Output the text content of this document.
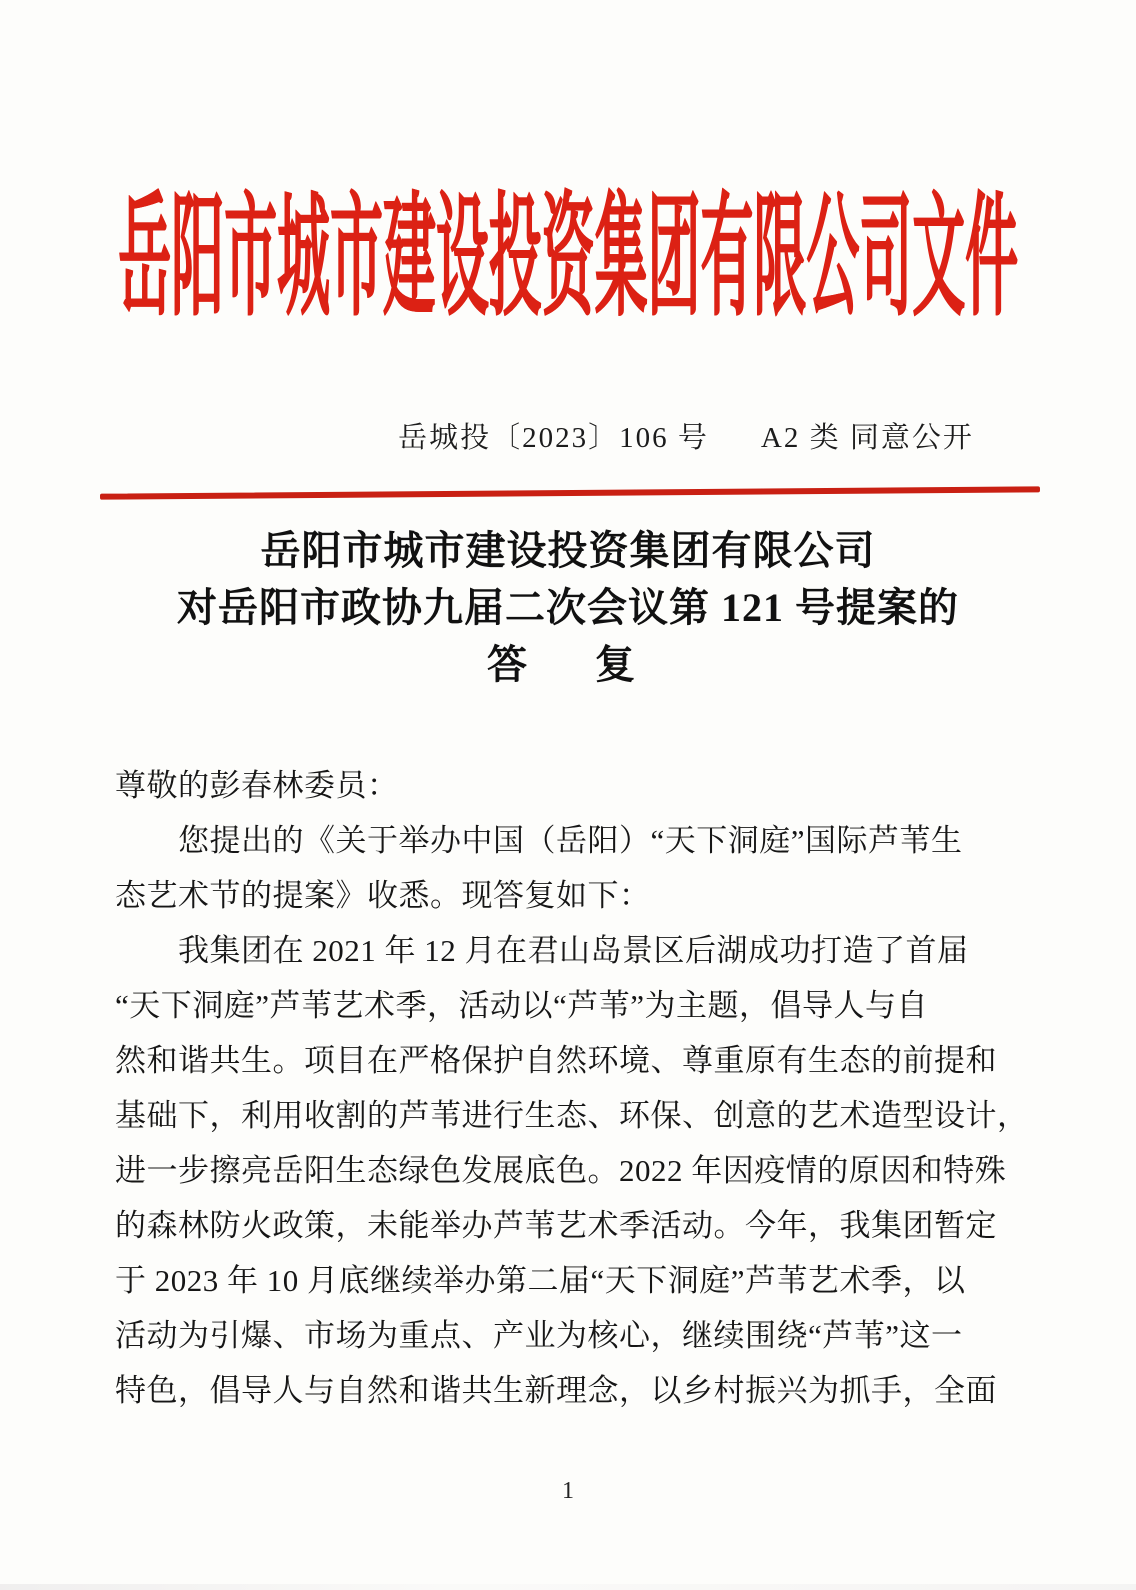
岳阳市城市建设投资集团有限公司文件
岳城投〔2023〕106 号 A2 类 同意公开
岳阳市城市建设投资集团有限公司
对岳阳市政协九届二次会议第 121 号提案的
答　复
尊敬的彭春林委员：
　　您提出的《关于举办中国（岳阳）“天下洞庭”国际芦苇生
态艺术节的提案》收悉。现答复如下：
　　我集团在 2021 年 12 月在君山岛景区后湖成功打造了首届
“天下洞庭”芦苇艺术季，活动以“芦苇”为主题，倡导人与自
然和谐共生。项目在严格保护自然环境、尊重原有生态的前提和
基础下，利用收割的芦苇进行生态、环保、创意的艺术造型设计，
进一步擦亮岳阳生态绿色发展底色。2022 年因疫情的原因和特殊
的森林防火政策，未能举办芦苇艺术季活动。今年，我集团暂定
于 2023 年 10 月底继续举办第二届“天下洞庭”芦苇艺术季，以
活动为引爆、市场为重点、产业为核心，继续围绕“芦苇”这一
特色，倡导人与自然和谐共生新理念，以乡村振兴为抓手，全面
1
